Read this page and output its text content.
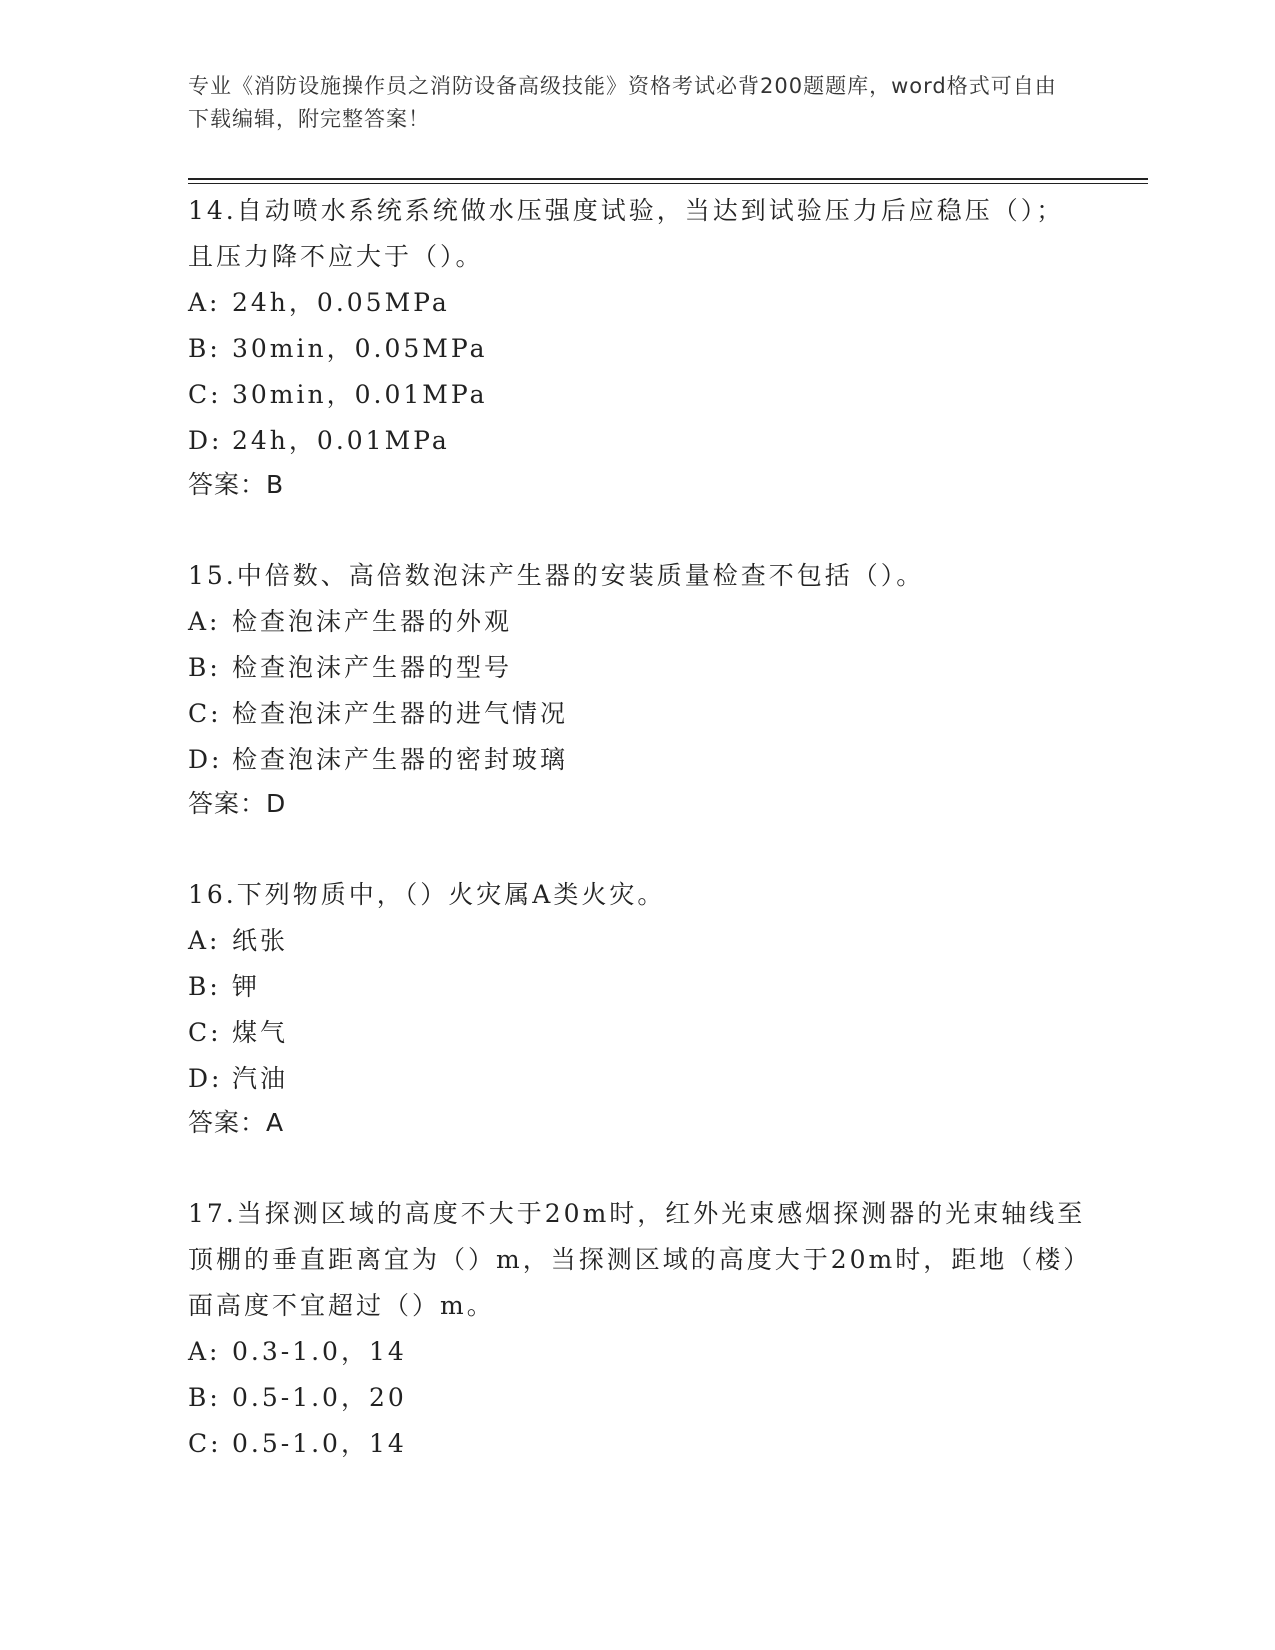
专业《消防设施操作员之消防设备高级技能》资格考试必背200题题库，word格式可自由下载编辑，附完整答案！
14.自动喷水系统系统做水压强度试验，当达到试验压力后应稳压（）；且压力降不应大于（）。
A: 24h，0.05MPa
B: 30min，0.05MPa
C: 30min，0.01MPa
D: 24h，0.01MPa
答案：B
15.中倍数、高倍数泡沫产生器的安装质量检查不包括（）。
A: 检查泡沫产生器的外观
B: 检查泡沫产生器的型号
C: 检查泡沫产生器的进气情况
D: 检查泡沫产生器的密封玻璃
答案：D
16.下列物质中，（）火灾属A类火灾。
A: 纸张
B: 钾
C: 煤气
D: 汽油
答案：A
17.当探测区域的高度不大于20m时，红外光束感烟探测器的光束轴线至顶棚的垂直距离宜为（）m，当探测区域的高度大于20m时，距地（楼）面高度不宜超过（）m。
A: 0.3-1.0，14
B: 0.5-1.0，20
C: 0.5-1.0，14
